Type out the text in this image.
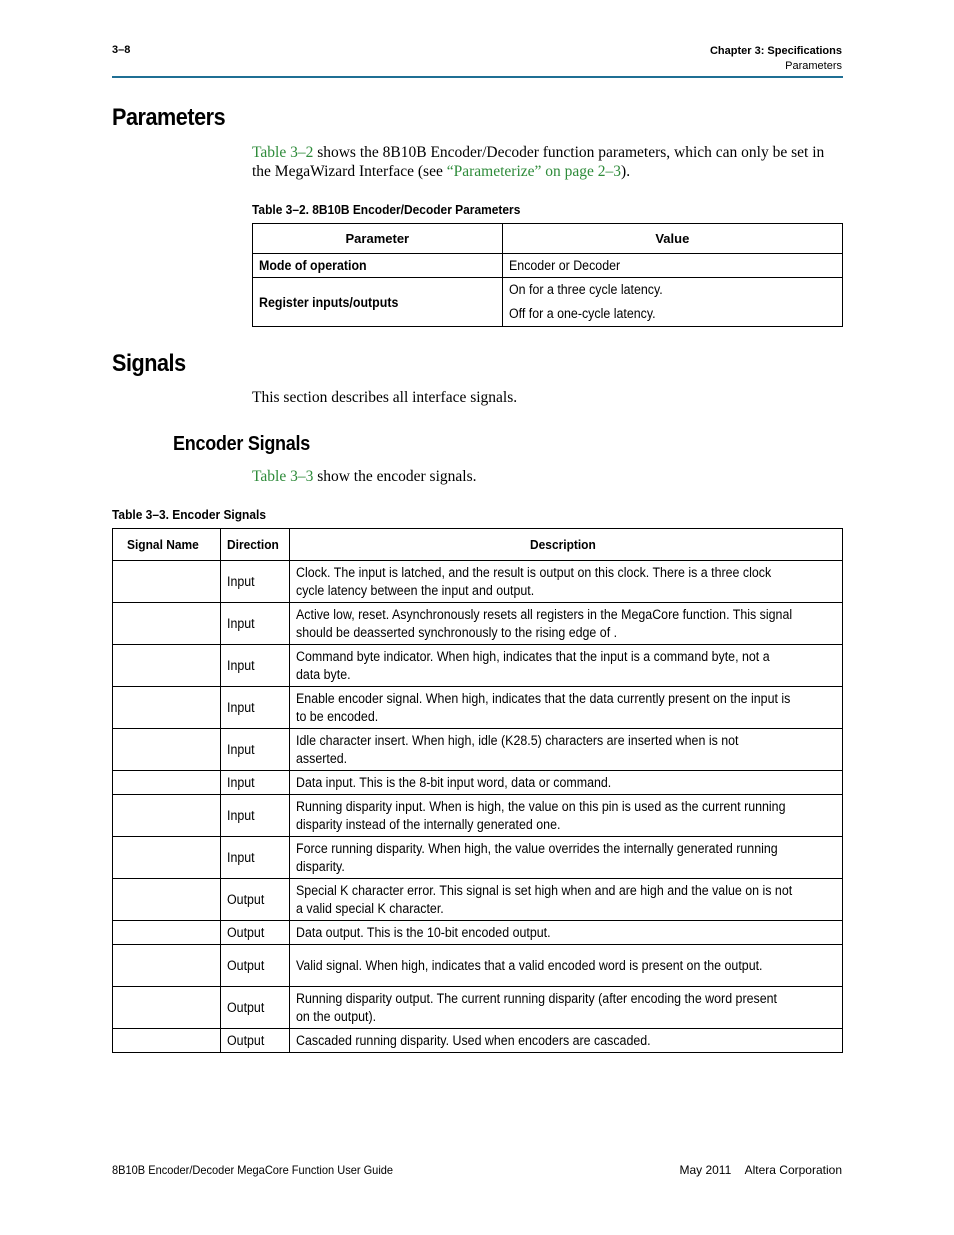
3–8	Chapter 3: Specifications
Parameters
Parameters
Table 3–2 shows the 8B10B Encoder/Decoder function parameters, which can only be set in the MegaWizard Interface (see “Parameterize” on page 2–3).
Table 3–2. 8B10B Encoder/Decoder Parameters
Parameter	Value
Mode of operation	Encoder or Decoder
Register inputs/outputs	On for a three cycle latency.
Off for a one-cycle latency.
Signals
This section describes all interface signals.
Encoder Signals
Table 3–3 show the encoder signals.
Table 3–3. Encoder Signals
Signal Name	Direction	Description
	Input	Clock. The input is latched, and the result is output on this clock. There is a three clock cycle latency between the input and output.

	Input	Active low, reset. Asynchronously resets all registers in the MegaCore function. This signal should be deasserted synchronously to the rising edge of .

	Input	Command byte indicator. When high, indicates that the input is a command byte, not a data byte.

	Input	Enable encoder signal. When high, indicates that the data currently present on the input is to be encoded.

	Input	Idle character insert. When high, idle (K28.5) characters are inserted when is not asserted.

	Input	Data input. This is the 8-bit input word, data or command.

	Input	Running disparity input. When is high, the value on this pin is used as the current running disparity instead of the internally generated one.

	Input	Force running disparity. When high, the value overrides the internally generated running disparity.

	Output	Special K character error. This signal is set high when and are high and the value on is not a valid special K character.

	Output	Data output. This is the 10-bit encoded output.

	Output	Valid signal. When high, indicates that a valid encoded word is present on the output.

	Output	Running disparity output. The current running disparity (after encoding the word present on the output).

	Output	Cascaded running disparity. Used when encoders are cascaded.
8B10B Encoder/Decoder MegaCore Function User Guide	May 2011 Altera Corporation
